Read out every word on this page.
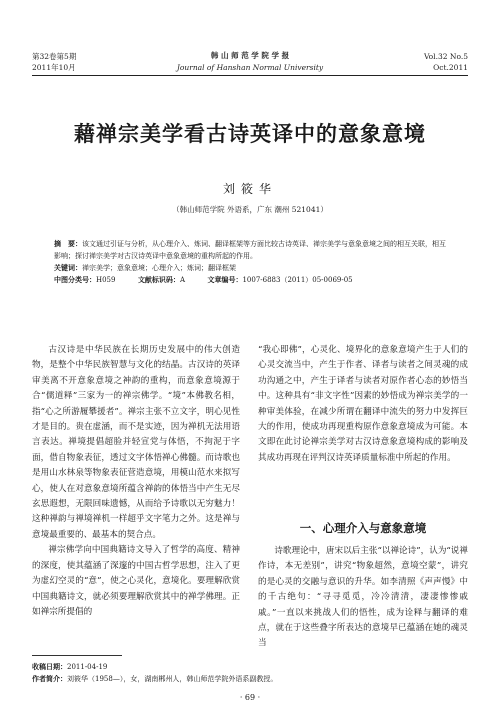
第32卷第5期
2011年10月
韩 山 师 范 学 院 学 报
Journal of Hanshan Normal University
Vol.32 No.5
Oct.2011
藉禅宗美学看古诗英译中的意象意境
刘筱华
（韩山师范学院 外语系，广东 潮州 521041）
摘　要：该文通过引证与分析，从心理介入、炼词、翻译框架等方面比较古诗英译、禅宗美学与意象意境之间的相互关联，相互影响；探讨禅宗美学对古汉诗英译中意象意境的重构所起的作用。
关键词：禅宗美学；意象意境；心理介入；炼词；翻译框架
中图分类号：H059	文献标识码：A	文章编号：1007-6883（2011）05-0069-05

古汉诗是中华民族在长期历史发展中的伟大创造物，是整个中华民族智慧与文化的结晶。古汉诗的英译审美离不开意象意境之神韵的重构，而意象意境源于合“儒道释”三家为一的禅宗佛学。“境”本佛教名相，指“心之所游履攀援者”。禅宗主张不立文字，明心见性才是目的。贵在虚涵，而不是实迹，因为禅机无法用语言表达。禅境提倡超脸并轻宣党与体悟，不拘泥于字面，借自物象表征，透过文字体悟禅心佛髓。而诗歌也是用山水林泉等物象表征营造意境，用模山范水来拟写心，使人在对意象意境所蕴含禅韵的体悟当中产生无尽玄思遐想，无限回味遗憾，从而给予诗歌以无穷魅力！这种禅韵与禅境禅机一样超乎文字笔力之外。这是禅与意境最重要的、最基本的契合点。

禅宗佛学向中国典籍诗文导入了哲学的高度、精神的深度，使其蕴涵了深邃的中国古哲学思想，注入了更为虚幻空灵的“意”，使之心灵化，意境化。要理解欣赏中国典籍诗文，就必须要理解欣赏其中的禅学佛理。正如禅宗所提倡的

“我心即佛”，心灵化、境界化的意象意境产生于人们的心灵交流当中，产生于作者、译者与读者之间灵魂的成功沟通之中，产生于译者与读者对原作者心态的妙悟当中。这种具有“非文字性”因素的妙悟成为禅宗美学的一种审美体验，在减少所谓在翻译中流失的努力中发挥巨大的作用，使成功再现重构原作意象意境成为可能。本文即在此讨论禅宗美学对古汉诗意象意境构成的影响及其成功再现在评判汉诗英译质量标准中所起的作用。

一、心理介入与意象意境

诗歌理论中，唐宋以后主张“以禅论诗”，认为“说禅作诗，本无差别”，讲究“物象超然，意境空蒙”，讲究的是心灵的交融与意识的升华。如李清照《声声慢》中的千古绝句：“寻寻觅觅，冷冷清清，凄凄惨惨戚戚。”一直以来挑战人们的悟性，成为诠释与翻译的难点，就在于这些叠字所表达的意境早已蕴涵在她的魂灵当

收稿日期：2011-04-19
作者简介：刘筱华（1958—），女，湖南郴州人，韩山师范学院外语系副教授。
· 69 ·
